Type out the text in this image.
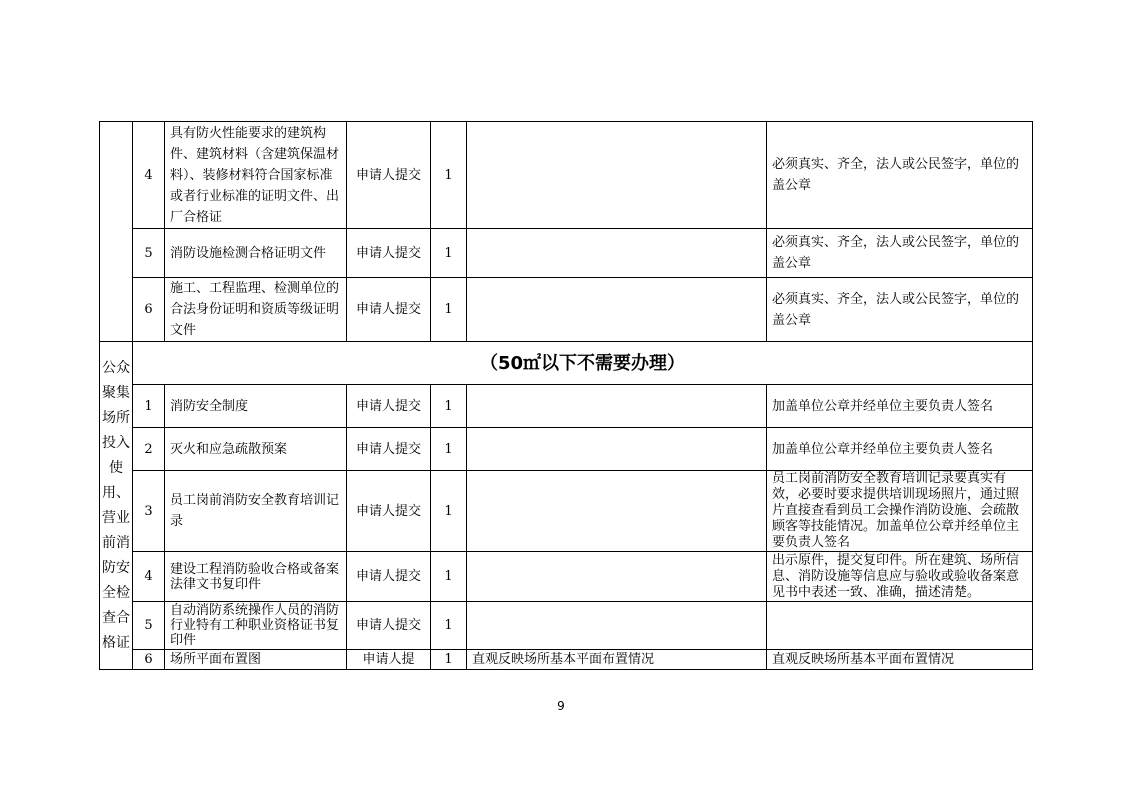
	4	具有防火性能要求的建筑构件、建筑材料（含建筑保温材料）、装修材料符合国家标准或者行业标准的证明文件、出厂合格证	申请人提交	1		必须真实、齐全，法人或公民签字，单位的盖公章
	5	消防设施检测合格证明文件	申请人提交	1		必须真实、齐全，法人或公民签字，单位的盖公章
	6	施工、工程监理、检测单位的合法身份证明和资质等级证明文件	申请人提交	1		必须真实、齐全，法人或公民签字，单位的盖公章
公众聚集场所投入使用、营业前消防安全检查合格证	（50㎡以下不需要办理）					
	1	消防安全制度	申请人提交	1		加盖单位公章并经单位主要负责人签名
	2	灭火和应急疏散预案	申请人提交	1		加盖单位公章并经单位主要负责人签名
	3	员工岗前消防安全教育培训记录	申请人提交	1		员工岗前消防安全教育培训记录要真实有效，必要时要求提供培训现场照片，通过照片直接查看到员工会操作消防设施、会疏散顾客等技能情况。加盖单位公章并经单位主要负责人签名
	4	建设工程消防验收合格或备案法律文书复印件	申请人提交	1		出示原件，提交复印件。所在建筑、场所信息、消防设施等信息应与验收或验收备案意见书中表述一致、准确，描述清楚。
	5	自动消防系统操作人员的消防行业特有工种职业资格证书复印件	申请人提交	1		
	6	场所平面布置图	申请人提	1	直观反映场所基本平面布置情况	直观反映场所基本平面布置情况
9
